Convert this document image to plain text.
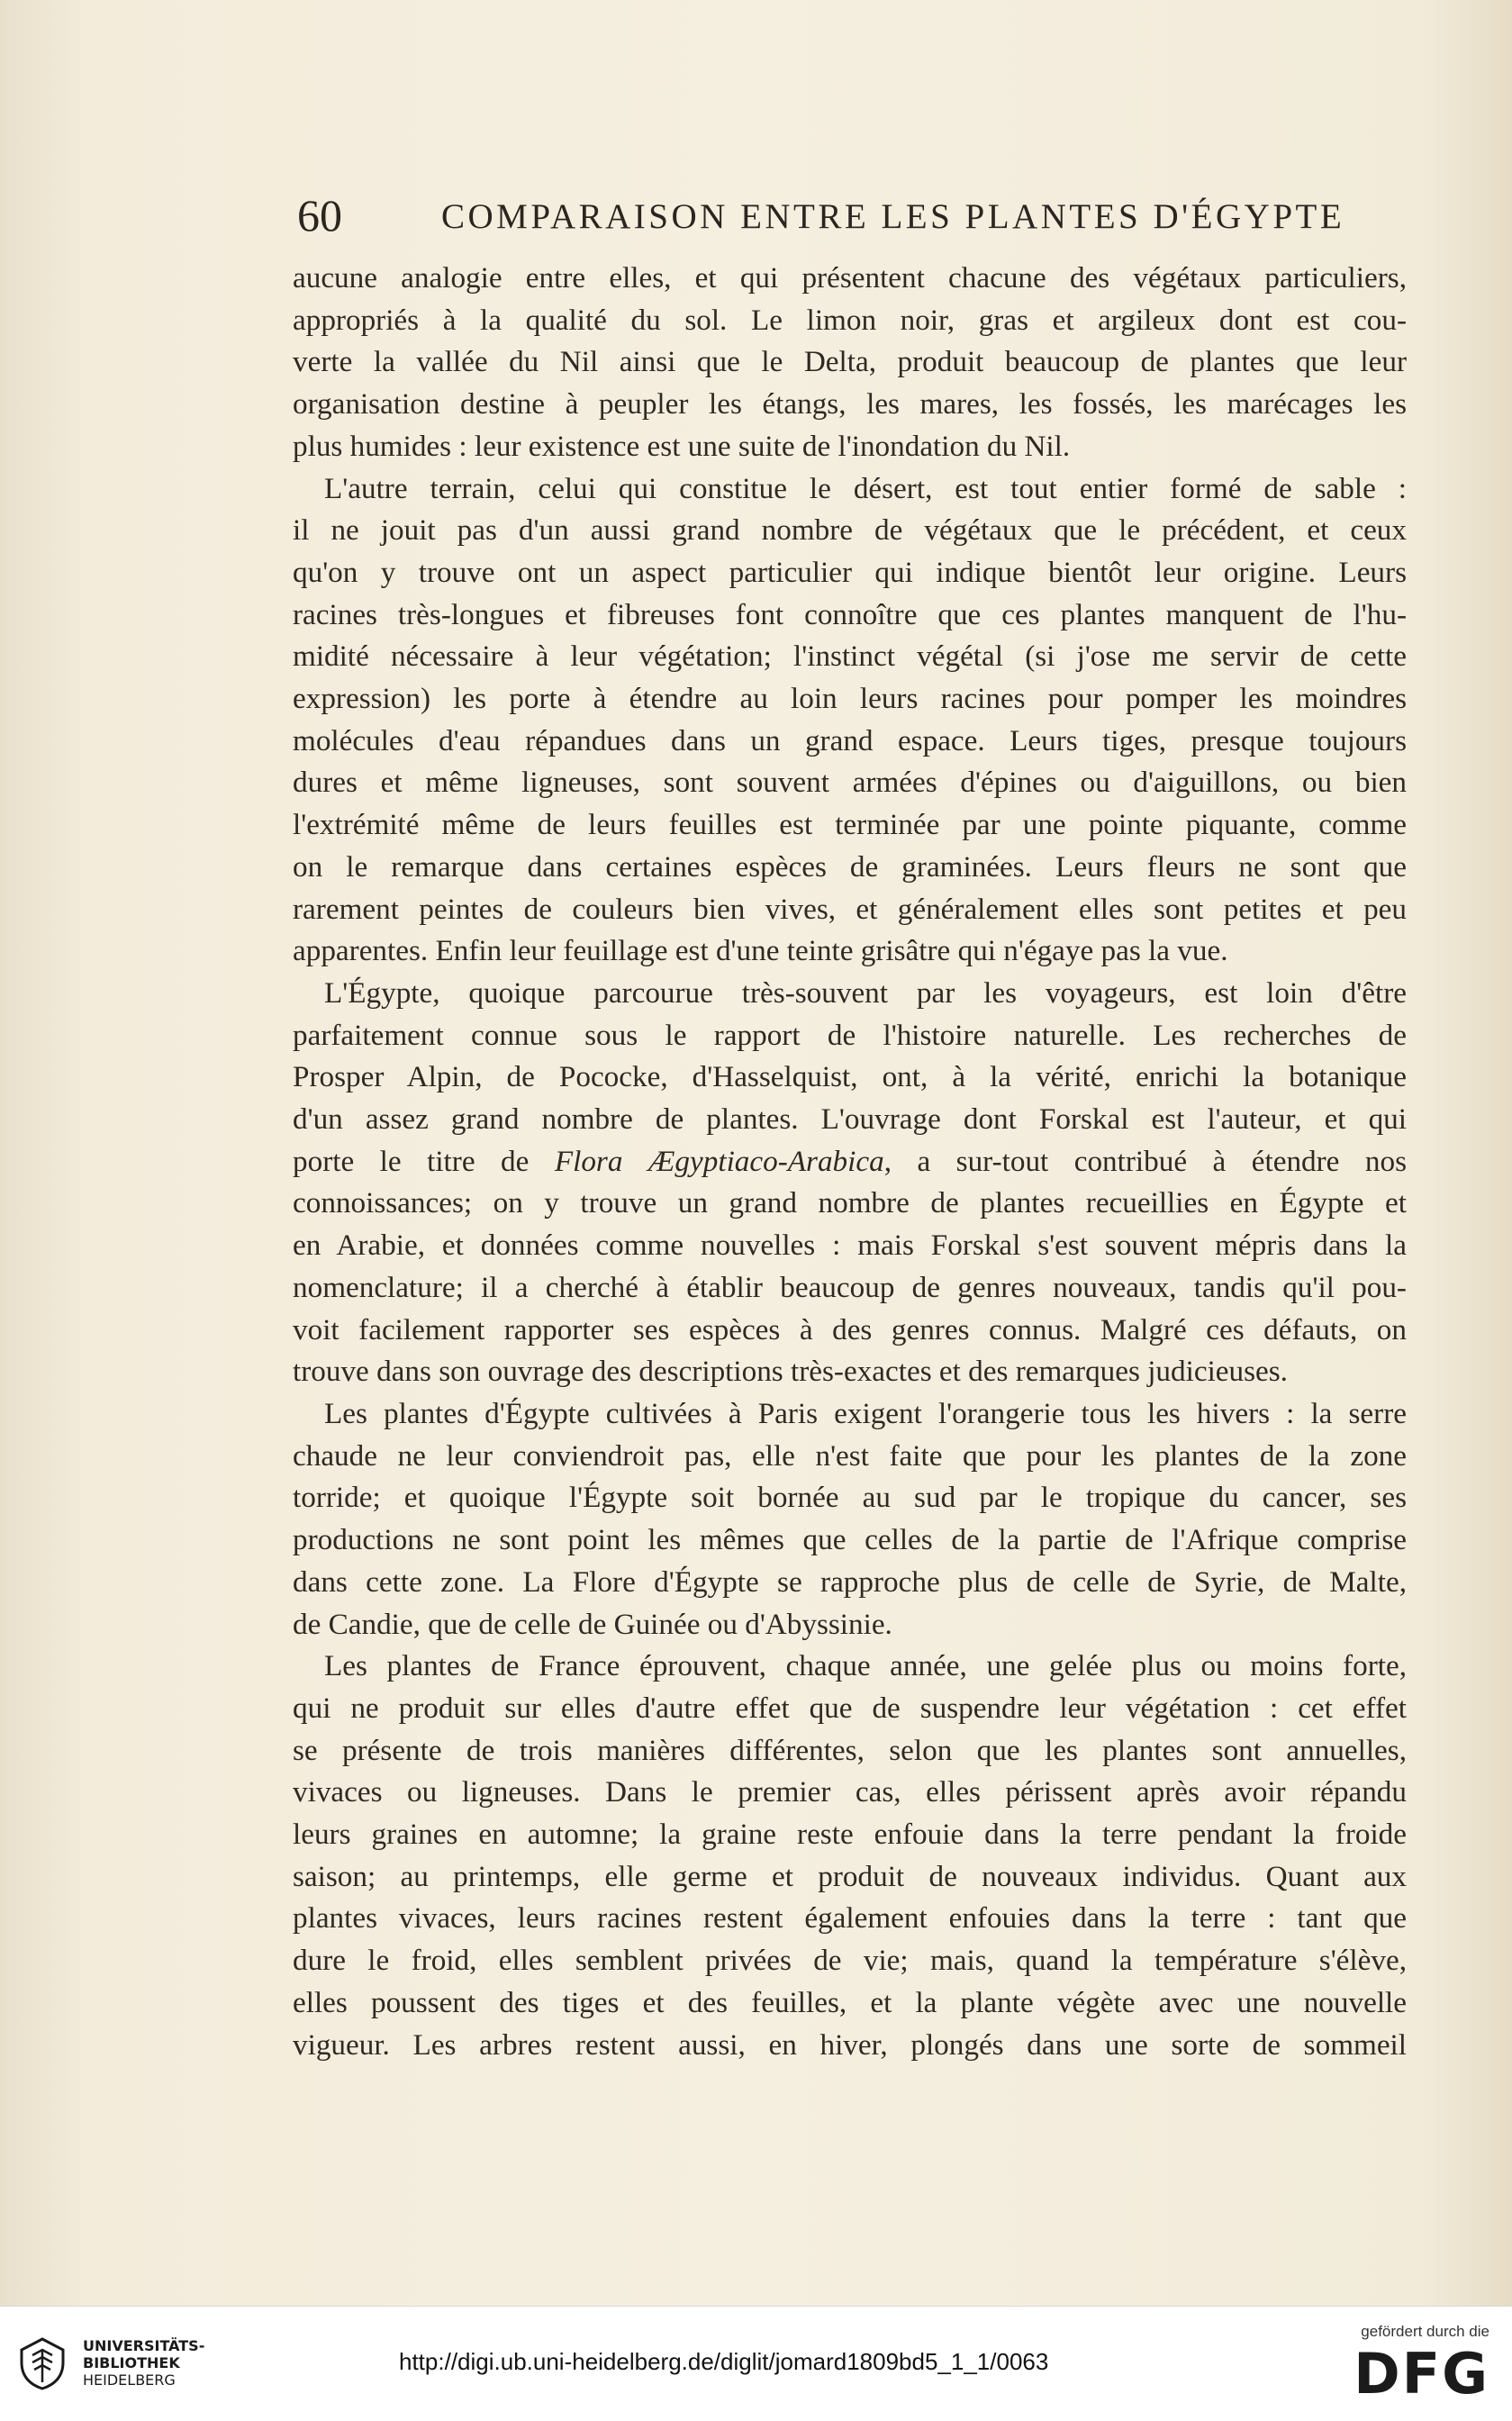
60	COMPARAISON ENTRE LES PLANTES D'ÉGYPTE

aucune analogie entre elles, et qui présentent chacune des végétaux particuliers,

appropriés à la qualité du sol. Le limon noir, gras et argileux dont est cou-

verte la vallée du Nil ainsi que le Delta, produit beaucoup de plantes que leur

organisation destine à peupler les étangs, les mares, les fossés, les marécages les

plus humides : leur existence est une suite de l'inondation du Nil.

L'autre terrain, celui qui constitue le désert, est tout entier formé de sable :

il ne jouit pas d'un aussi grand nombre de végétaux que le précédent, et ceux

qu'on y trouve ont un aspect particulier qui indique bientôt leur origine. Leurs

racines très-longues et fibreuses font connoître que ces plantes manquent de l'hu-

midité nécessaire à leur végétation; l'instinct végétal (si j'ose me servir de cette

expression) les porte à étendre au loin leurs racines pour pomper les moindres

molécules d'eau répandues dans un grand espace. Leurs tiges, presque toujours

dures et même ligneuses, sont souvent armées d'épines ou d'aiguillons, ou bien

l'extrémité même de leurs feuilles est terminée par une pointe piquante, comme

on le remarque dans certaines espèces de graminées. Leurs fleurs ne sont que

rarement peintes de couleurs bien vives, et généralement elles sont petites et peu

apparentes. Enfin leur feuillage est d'une teinte grisâtre qui n'égaye pas la vue.

L'Égypte, quoique parcourue très-souvent par les voyageurs, est loin d'être

parfaitement connue sous le rapport de l'histoire naturelle. Les recherches de

Prosper Alpin, de Pococke, d'Hasselquist, ont, à la vérité, enrichi la botanique

d'un assez grand nombre de plantes. L'ouvrage dont Forskal est l'auteur, et qui

porte le titre de Flora Ægyptiaco-Arabica, a sur-tout contribué à étendre nos

connoissances; on y trouve un grand nombre de plantes recueillies en Égypte et

en Arabie, et données comme nouvelles : mais Forskal s'est souvent mépris dans la

nomenclature; il a cherché à établir beaucoup de genres nouveaux, tandis qu'il pou-

voit facilement rapporter ses espèces à des genres connus. Malgré ces défauts, on

trouve dans son ouvrage des descriptions très-exactes et des remarques judicieuses.

Les plantes d'Égypte cultivées à Paris exigent l'orangerie tous les hivers : la serre

chaude ne leur conviendroit pas, elle n'est faite que pour les plantes de la zone

torride; et quoique l'Égypte soit bornée au sud par le tropique du cancer, ses

productions ne sont point les mêmes que celles de la partie de l'Afrique comprise

dans cette zone. La Flore d'Égypte se rapproche plus de celle de Syrie, de Malte,

de Candie, que de celle de Guinée ou d'Abyssinie.

Les plantes de France éprouvent, chaque année, une gelée plus ou moins forte,

qui ne produit sur elles d'autre effet que de suspendre leur végétation : cet effet

se présente de trois manières différentes, selon que les plantes sont annuelles,

vivaces ou ligneuses. Dans le premier cas, elles périssent après avoir répandu

leurs graines en automne; la graine reste enfouie dans la terre pendant la froide

saison; au printemps, elle germe et produit de nouveaux individus. Quant aux

plantes vivaces, leurs racines restent également enfouies dans la terre : tant que

dure le froid, elles semblent privées de vie; mais, quand la température s'élève,

elles poussent des tiges et des feuilles, et la plante végète avec une nouvelle

vigueur. Les arbres restent aussi, en hiver, plongés dans une sorte de sommeil

UNIVERSITÄTS-
BIBLIOTHEK
HEIDELBERG
http://digi.ub.uni-heidelberg.de/diglit/jomard1809bd5_1_1/0063
gefördert durch die
DFG
